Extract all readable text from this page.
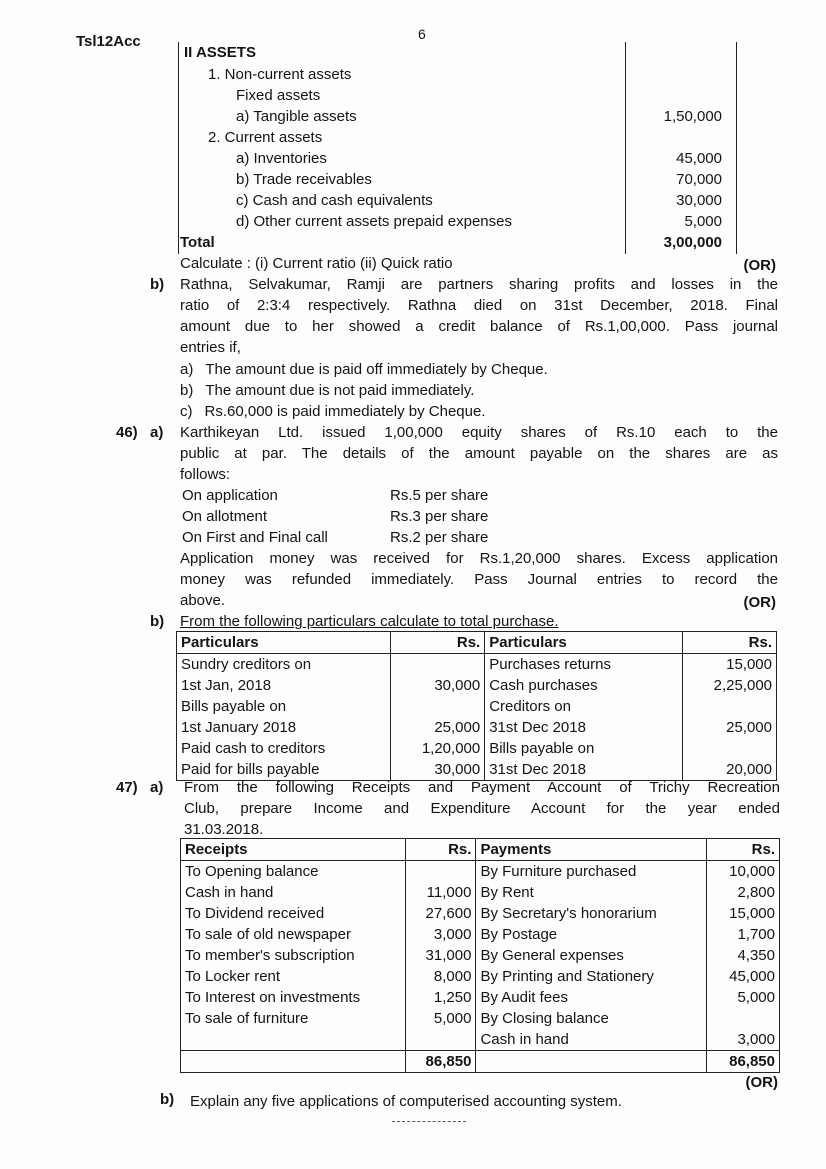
Tsl12Acc	6
II ASSETS
1. Non-current assets
Fixed assets
a) Tangible assets	1,50,000
2. Current assets
a) Inventories	45,000
b) Trade receivables	70,000
c) Cash and cash equivalents	30,000
d) Other current assets prepaid expenses	5,000
Total	3,00,000
Calculate : (i) Current ratio (ii) Quick ratio	(OR)
b) Rathna, Selvakumar, Ramji are partners sharing profits and losses in the
ratio of 2:3:4 respectively. Rathna died on 31st December, 2018. Final
amount due to her showed a credit balance of Rs.1,00,000. Pass journal
entries if,
a) The amount due is paid off immediately by Cheque.
b) The amount due is not paid immediately.
c) Rs.60,000 is paid immediately by Cheque.
46) a) Karthikeyan Ltd. issued 1,00,000 equity shares of Rs.10 each to the
public at par. The details of the amount payable on the shares are as
follows:
On application	Rs.5 per share
On allotment	Rs.3 per share
On First and Final call	Rs.2 per share
Application money was received for Rs.1,20,000 shares. Excess application
money was refunded immediately. Pass Journal entries to record the
above.	(OR)
b) From the following particulars calculate to total purchase.
Particulars	Rs.	Particulars	Rs.
Sundry creditors on		Purchases returns	15,000
1st Jan, 2018	30,000	Cash purchases	2,25,000
Bills payable on		Creditors on	
1st January 2018	25,000	31st Dec 2018	25,000
Paid cash to creditors	1,20,000	Bills payable on	
Paid for bills payable	30,000	31st Dec 2018	20,000
47) a) From the following Receipts and Payment Account of Trichy Recreation
Club, prepare Income and Expenditure Account for the year ended
31.03.2018.
Receipts	Rs.	Payments	Rs.
To Opening balance		By Furniture purchased	10,000
Cash in hand	11,000	By Rent	2,800
To Dividend received	27,600	By Secretary's honorarium	15,000
To sale of old newspaper	3,000	By Postage	1,700
To member's subscription	31,000	By General expenses	4,350
To Locker rent	8,000	By Printing and Stationery	45,000
To Interest on investments	1,250	By Audit fees	5,000
To sale of furniture	5,000	By Closing balance	
		Cash in hand	3,000
	86,850		86,850
(OR)
b) Explain any five applications of computerised accounting system.
